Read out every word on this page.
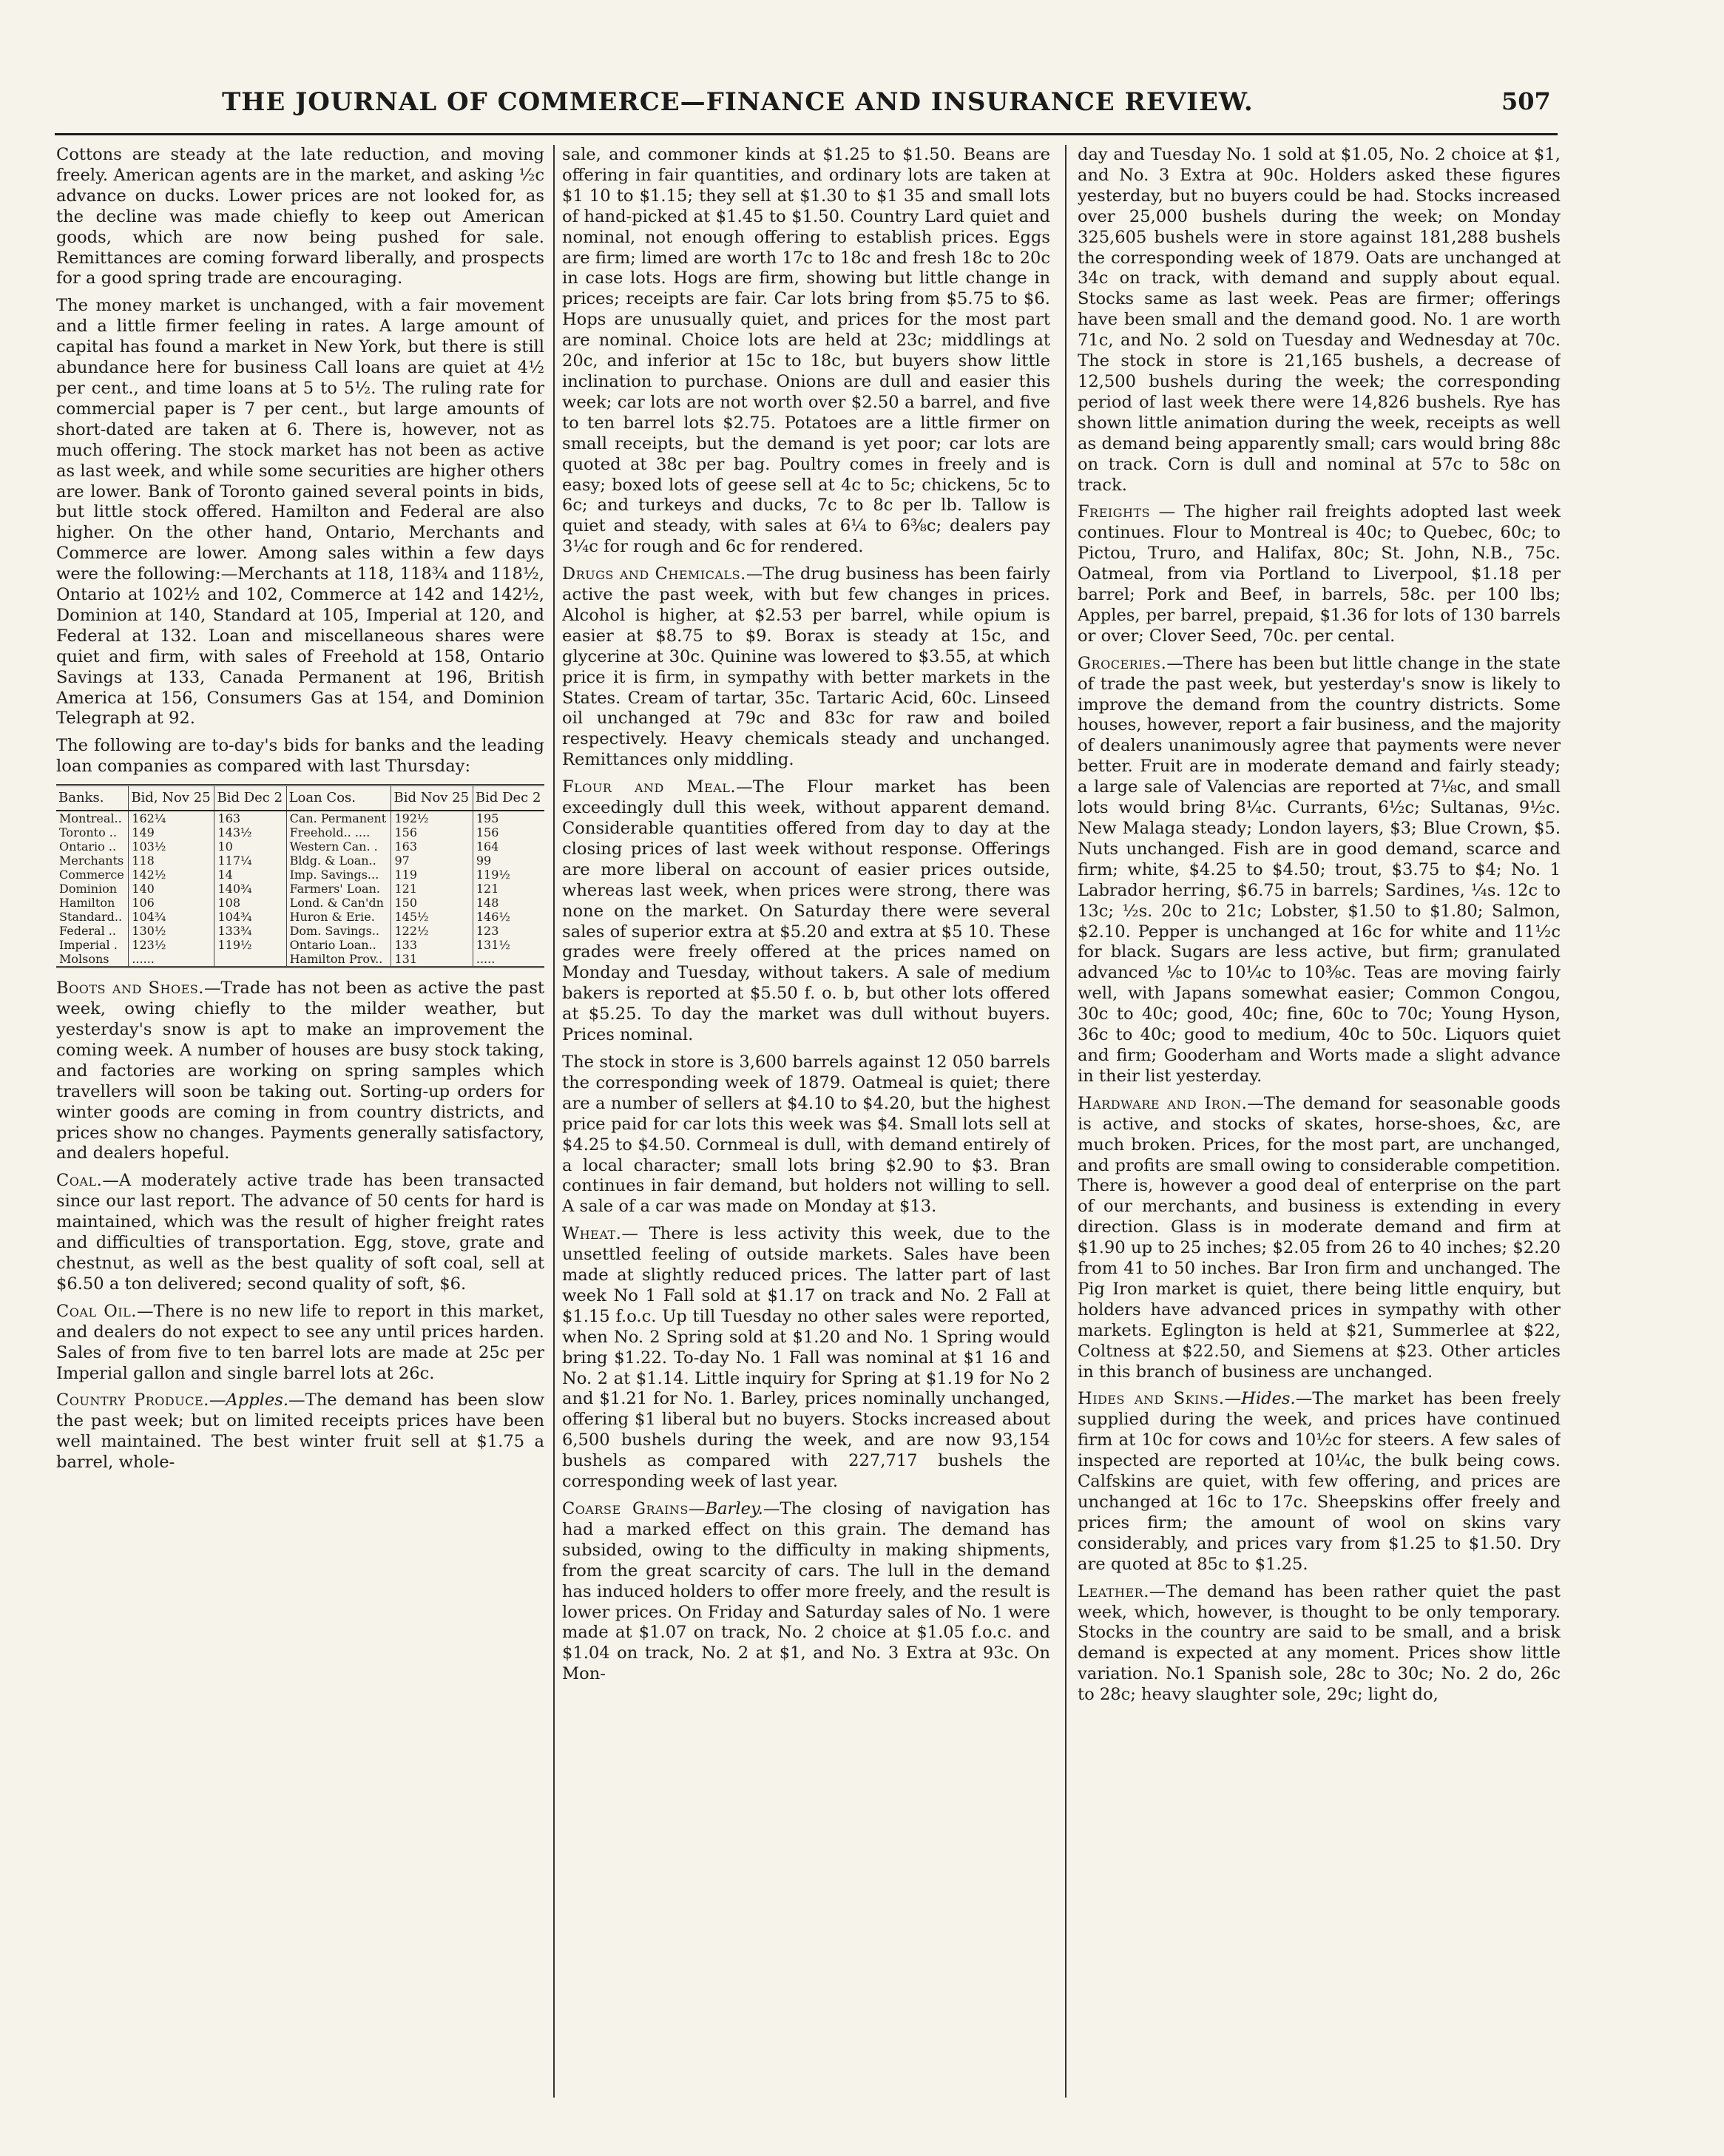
THE JOURNAL OF COMMERCE—FINANCE AND INSURANCE REVIEW.	507

Cottons are steady at the late reduction, and moving freely. American agents are in the market, and asking ½c advance on ducks. Lower prices are not looked for, as the decline was made chiefly to keep out American goods, which are now being pushed for sale. Remittances are coming forward liberally, and prospects for a good spring trade are encouraging.

The money market is unchanged, with a fair movement and a little firmer feeling in rates. A large amount of capital has found a market in New York, but there is still abundance here for business Call loans are quiet at 4½ per cent., and time loans at 5 to 5½. The ruling rate for commercial paper is 7 per cent., but large amounts of short-dated are taken at 6. There is, however, not as much offering. The stock market has not been as active as last week, and while some securities are higher others are lower. Bank of Toronto gained several points in bids, but little stock offered. Hamilton and Federal are also higher. On the other hand, Ontario, Merchants and Commerce are lower. Among sales within a few days were the following:—Merchants at 118, 118¾ and 118½, Ontario at 102½ and 102, Commerce at 142 and 142½, Dominion at 140, Standard at 105, Imperial at 120, and Federal at 132. Loan and miscellaneous shares were quiet and firm, with sales of Freehold at 158, Ontario Savings at 133, Canada Permanent at 196, British America at 156, Consumers Gas at 154, and Dominion Telegraph at 92.

The following are to-day's bids for banks and the leading loan companies as compared with last Thursday:

Banks.	Bid, Nov 25	Bid Dec 2	Loan Cos.	Bid Nov 25	Bid Dec 2
Montreal..	162¼	163	Can. Permanent	192½	195
Toronto ..	149	143½	Freehold.. ....	156	156
Ontario ..	103½	10	Western Can. .	163	164
Merchants	118	117¼	Bldg. & Loan..	97	99
Commerce	142½	14	Imp. Savings...	119	119½
Dominion	140	140¾	Farmers' Loan.	121	121
Hamilton	106	108	Lond. & Can'dn	150	148
Standard..	104¾	104¾	Huron & Erie.	145½	146½
Federal ..	130½	133¾	Dom. Savings..	122½	123
Imperial .	123½	119½	Ontario Loan..	133	131½
Molsons	......		Hamilton Prov..	131	.....

Boots and Shoes.—Trade has not been as active the past week, owing chiefly to the milder weather, but yesterday's snow is apt to make an improvement the coming week. A number of houses are busy stock taking, and factories are working on spring samples which travellers will soon be taking out. Sorting-up orders for winter goods are coming in from country districts, and prices show no changes. Payments generally satisfactory, and dealers hopeful.

Coal.—A moderately active trade has been transacted since our last report. The advance of 50 cents for hard is maintained, which was the result of higher freight rates and difficulties of transportation. Egg, stove, grate and chestnut, as well as the best quality of soft coal, sell at $6.50 a ton delivered; second quality of soft, $6.

Coal Oil.—There is no new life to report in this market, and dealers do not expect to see any until prices harden. Sales of from five to ten barrel lots are made at 25c per Imperial gallon and single barrel lots at 26c.

Country Produce.—Apples.—The demand has been slow the past week; but on limited receipts prices have been well maintained. The best winter fruit sell at $1.75 a barrel, whole-

sale, and commoner kinds at $1.25 to $1.50. Beans are offering in fair quantities, and ordinary lots are taken at $1 10 to $1.15; they sell at $1.30 to $1 35 and small lots of hand-picked at $1.45 to $1.50. Country Lard quiet and nominal, not enough offering to establish prices. Eggs are firm; limed are worth 17c to 18c and fresh 18c to 20c in case lots. Hogs are firm, showing but little change in prices; receipts are fair. Car lots bring from $5.75 to $6. Hops are unusually quiet, and prices for the most part are nominal. Choice lots are held at 23c; middlings at 20c, and inferior at 15c to 18c, but buyers show little inclination to purchase. Onions are dull and easier this week; car lots are not worth over $2.50 a barrel, and five to ten barrel lots $2.75. Potatoes are a little firmer on small receipts, but the demand is yet poor; car lots are quoted at 38c per bag. Poultry comes in freely and is easy; boxed lots of geese sell at 4c to 5c; chickens, 5c to 6c; and turkeys and ducks, 7c to 8c per lb. Tallow is quiet and steady, with sales at 6¼ to 6⅜c; dealers pay 3¼c for rough and 6c for rendered.

Drugs and Chemicals.—The drug business has been fairly active the past week, with but few changes in prices. Alcohol is higher, at $2.53 per barrel, while opium is easier at $8.75 to $9. Borax is steady at 15c, and glycerine at 30c. Quinine was lowered to $3.55, at which price it is firm, in sympathy with better markets in the States. Cream of tartar, 35c. Tartaric Acid, 60c. Linseed oil unchanged at 79c and 83c for raw and boiled respectively. Heavy chemicals steady and unchanged. Remittances only middling.

Flour and Meal.—The Flour market has been exceedingly dull this week, without apparent demand. Considerable quantities offered from day to day at the closing prices of last week without response. Offerings are more liberal on account of easier prices outside, whereas last week, when prices were strong, there was none on the market. On Saturday there were several sales of superior extra at $5.20 and extra at $5 10. These grades were freely offered at the prices named on Monday and Tuesday, without takers. A sale of medium bakers is reported at $5.50 f. o. b, but other lots offered at $5.25. To day the market was dull without buyers. Prices nominal.

The stock in store is 3,600 barrels against 12 050 barrels the corresponding week of 1879. Oatmeal is quiet; there are a number of sellers at $4.10 to $4.20, but the highest price paid for car lots this week was $4. Small lots sell at $4.25 to $4.50. Cornmeal is dull, with demand entirely of a local character; small lots bring $2.90 to $3. Bran continues in fair demand, but holders not willing to sell. A sale of a car was made on Monday at $13.

Wheat.— There is less activity this week, due to the unsettled feeling of outside markets. Sales have been made at slightly reduced prices. The latter part of last week No 1 Fall sold at $1.17 on track and No. 2 Fall at $1.15 f.o.c. Up till Tuesday no other sales were reported, when No. 2 Spring sold at $1.20 and No. 1 Spring would bring $1.22. To-day No. 1 Fall was nominal at $1 16 and No. 2 at $1.14. Little inquiry for Spring at $1.19 for No 2 and $1.21 for No. 1. Barley, prices nominally unchanged, offering $1 liberal but no buyers. Stocks increased about 6,500 bushels during the week, and are now 93,154 bushels as compared with 227,717 bushels the corresponding week of last year.

Coarse Grains—Barley.—The closing of navigation has had a marked effect on this grain. The demand has subsided, owing to the difficulty in making shipments, from the great scarcity of cars. The lull in the demand has induced holders to offer more freely, and the result is lower prices. On Friday and Saturday sales of No. 1 were made at $1.07 on track, No. 2 choice at $1.05 f.o.c. and $1.04 on track, No. 2 at $1, and No. 3 Extra at 93c. On Mon-

day and Tuesday No. 1 sold at $1.05, No. 2 choice at $1, and No. 3 Extra at 90c. Holders asked these figures yesterday, but no buyers could be had. Stocks increased over 25,000 bushels during the week; on Monday 325,605 bushels were in store against 181,288 bushels the corresponding week of 1879. Oats are unchanged at 34c on track, with demand and supply about equal. Stocks same as last week. Peas are firmer; offerings have been small and the demand good. No. 1 are worth 71c, and No. 2 sold on Tuesday and Wednesday at 70c. The stock in store is 21,165 bushels, a decrease of 12,500 bushels during the week; the corresponding period of last week there were 14,826 bushels. Rye has shown little animation during the week, receipts as well as demand being apparently small; cars would bring 88c on track. Corn is dull and nominal at 57c to 58c on track.

Freights — The higher rail freights adopted last week continues. Flour to Montreal is 40c; to Quebec, 60c; to Pictou, Truro, and Halifax, 80c; St. John, N.B., 75c. Oatmeal, from via Portland to Liverpool, $1.18 per barrel; Pork and Beef, in barrels, 58c. per 100 lbs; Apples, per barrel, prepaid, $1.36 for lots of 130 barrels or over; Clover Seed, 70c. per cental.

Groceries.—There has been but little change in the state of trade the past week, but yesterday's snow is likely to improve the demand from the country districts. Some houses, however, report a fair business, and the majority of dealers unanimously agree that payments were never better. Fruit are in moderate demand and fairly steady; a large sale of Valencias are reported at 7⅛c, and small lots would bring 8¼c. Currants, 6½c; Sultanas, 9½c. New Malaga steady; London layers, $3; Blue Crown, $5. Nuts unchanged. Fish are in good demand, scarce and firm; white, $4.25 to $4.50; trout, $3.75 to $4; No. 1 Labrador herring, $6.75 in barrels; Sardines, ¼s. 12c to 13c; ½s. 20c to 21c; Lobster, $1.50 to $1.80; Salmon, $2.10. Pepper is unchanged at 16c for white and 11½c for black. Sugars are less active, but firm; granulated advanced ⅛c to 10¼c to 10⅜c. Teas are moving fairly well, with Japans somewhat easier; Common Congou, 30c to 40c; good, 40c; fine, 60c to 70c; Young Hyson, 36c to 40c; good to medium, 40c to 50c. Liquors quiet and firm; Gooderham and Worts made a slight advance in their list yesterday.

Hardware and Iron.—The demand for seasonable goods is active, and stocks of skates, horse-shoes, &c, are much broken. Prices, for the most part, are unchanged, and profits are small owing to considerable competition. There is, however a good deal of enterprise on the part of our merchants, and business is extending in every direction. Glass is in moderate demand and firm at $1.90 up to 25 inches; $2.05 from 26 to 40 inches; $2.20 from 41 to 50 inches. Bar Iron firm and unchanged. The Pig Iron market is quiet, there being little enquiry, but holders have advanced prices in sympathy with other markets. Eglington is held at $21, Summerlee at $22, Coltness at $22.50, and Siemens at $23. Other articles in this branch of business are unchanged.

Hides and Skins.—Hides.—The market has been freely supplied during the week, and prices have continued firm at 10c for cows and 10½c for steers. A few sales of inspected are reported at 10¼c, the bulk being cows. Calfskins are quiet, with few offering, and prices are unchanged at 16c to 17c. Sheepskins offer freely and prices firm; the amount of wool on skins vary considerably, and prices vary from $1.25 to $1.50. Dry are quoted at 85c to $1.25.

Leather.—The demand has been rather quiet the past week, which, however, is thought to be only temporary. Stocks in the country are said to be small, and a brisk demand is expected at any moment. Prices show little variation. No.1 Spanish sole, 28c to 30c; No. 2 do, 26c to 28c; heavy slaughter sole, 29c; light do,
